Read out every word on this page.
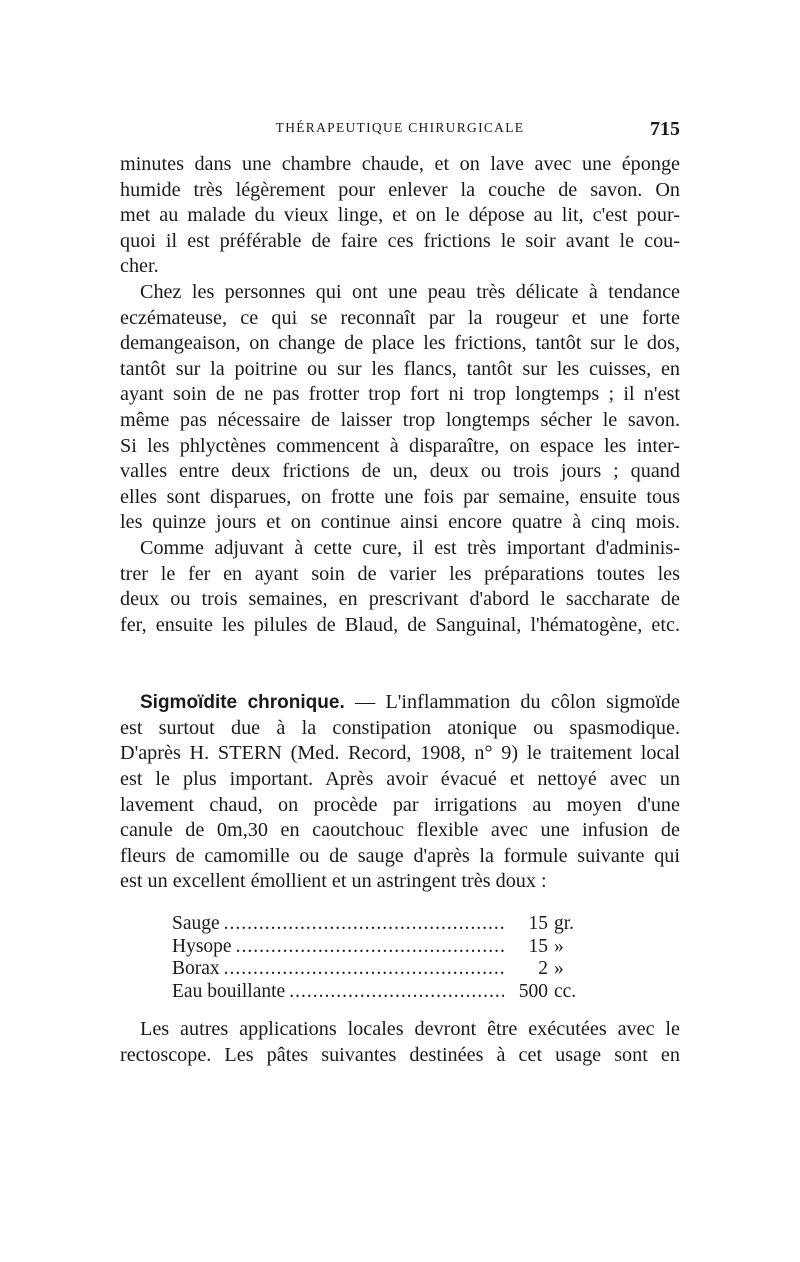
THÉRAPEUTIQUE CHIRURGICALE	715
minutes dans une chambre chaude, et on lave avec une éponge
humide très légèrement pour enlever la couche de savon. On
met au malade du vieux linge, et on le dépose au lit, c'est pour-
quoi il est préférable de faire ces frictions le soir avant le cou-
cher.
Chez les personnes qui ont une peau très délicate à tendance
eczémateuse, ce qui se reconnaît par la rougeur et une forte
demangeaison, on change de place les frictions, tantôt sur le dos,
tantôt sur la poitrine ou sur les flancs, tantôt sur les cuisses, en
ayant soin de ne pas frotter trop fort ni trop longtemps ; il n'est
même pas nécessaire de laisser trop longtemps sécher le savon.
Si les phlyctènes commencent à disparaître, on espace les inter-
valles entre deux frictions de un, deux ou trois jours ; quand
elles sont disparues, on frotte une fois par semaine, ensuite tous
les quinze jours et on continue ainsi encore quatre à cinq mois.
Comme adjuvant à cette cure, il est très important d'adminis-
trer le fer en ayant soin de varier les préparations toutes les
deux ou trois semaines, en prescrivant d'abord le saccharate de
fer, ensuite les pilules de Blaud, de Sanguinal, l'hématogène, etc.
Sigmoïdite chronique. — L'inflammation du côlon sigmoïde
est surtout due à la constipation atonique ou spasmodique.
D'après H. STERN (Med. Record, 1908, n° 9) le traitement local
est le plus important. Après avoir évacué et nettoyé avec un
lavement chaud, on procède par irrigations au moyen d'une
canule de 0m,30 en caoutchouc flexible avec une infusion de
fleurs de camomille ou de sauge d'après la formule suivante qui
est un excellent émollient et un astringent très doux :
Sauge .....	15 gr.
Hysope .....	15 »
Borax .....	2 »
Eau bouillante .....	500 cc.
Les autres applications locales devront être exécutées avec le
rectoscope. Les pâtes suivantes destinées à cet usage sont en
